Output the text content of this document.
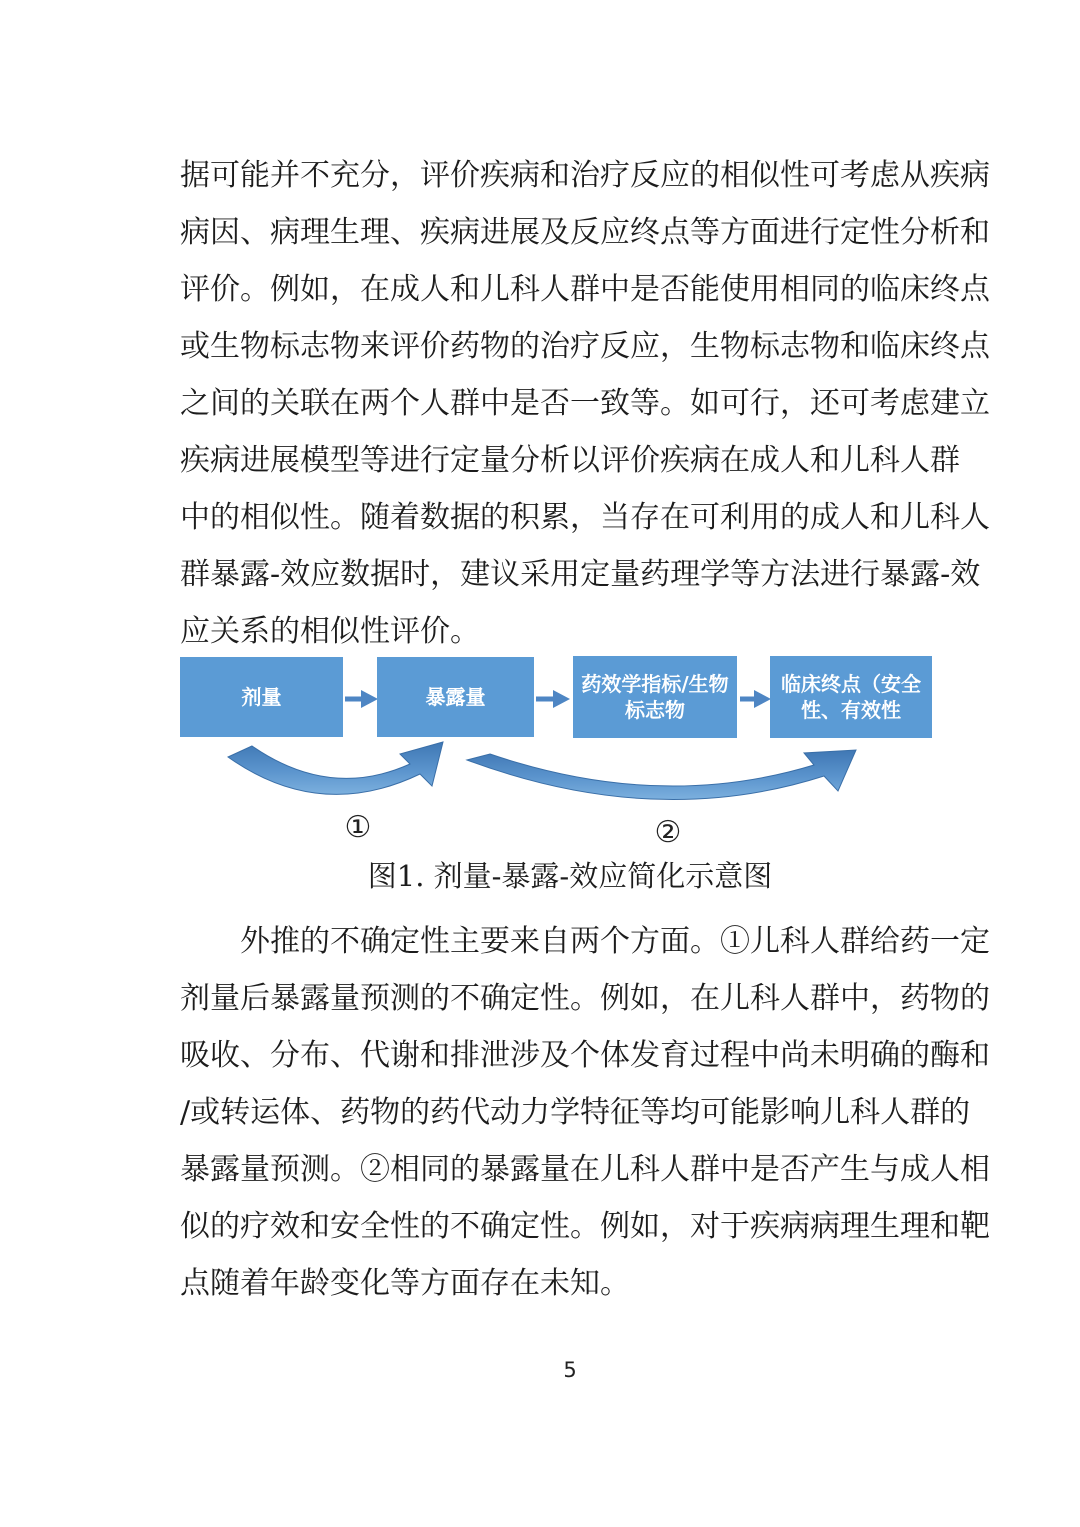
据可能并不充分，评价疾病和治疗反应的相似性可考虑从疾病
病因、病理生理、疾病进展及反应终点等方面进行定性分析和
评价。例如，在成人和儿科人群中是否能使用相同的临床终点
或生物标志物来评价药物的治疗反应，生物标志物和临床终点
之间的关联在两个人群中是否一致等。如可行，还可考虑建立
疾病进展模型等进行定量分析以评价疾病在成人和儿科人群
中的相似性。随着数据的积累，当存在可利用的成人和儿科人
群暴露-效应数据时，建议采用定量药理学等方法进行暴露-效
应关系的相似性评价。
剂量	暴露量
药效学指标/生物标志物
临床终点（安全性、有效性
①	②
图1. 剂量-暴露-效应简化示意图
外推的不确定性主要来自两个方面。①儿科人群给药一定
剂量后暴露量预测的不确定性。例如，在儿科人群中，药物的
吸收、分布、代谢和排泄涉及个体发育过程中尚未明确的酶和
/或转运体、药物的药代动力学特征等均可能影响儿科人群的
暴露量预测。②相同的暴露量在儿科人群中是否产生与成人相
似的疗效和安全性的不确定性。例如，对于疾病病理生理和靶
点随着年龄变化等方面存在未知。
5
